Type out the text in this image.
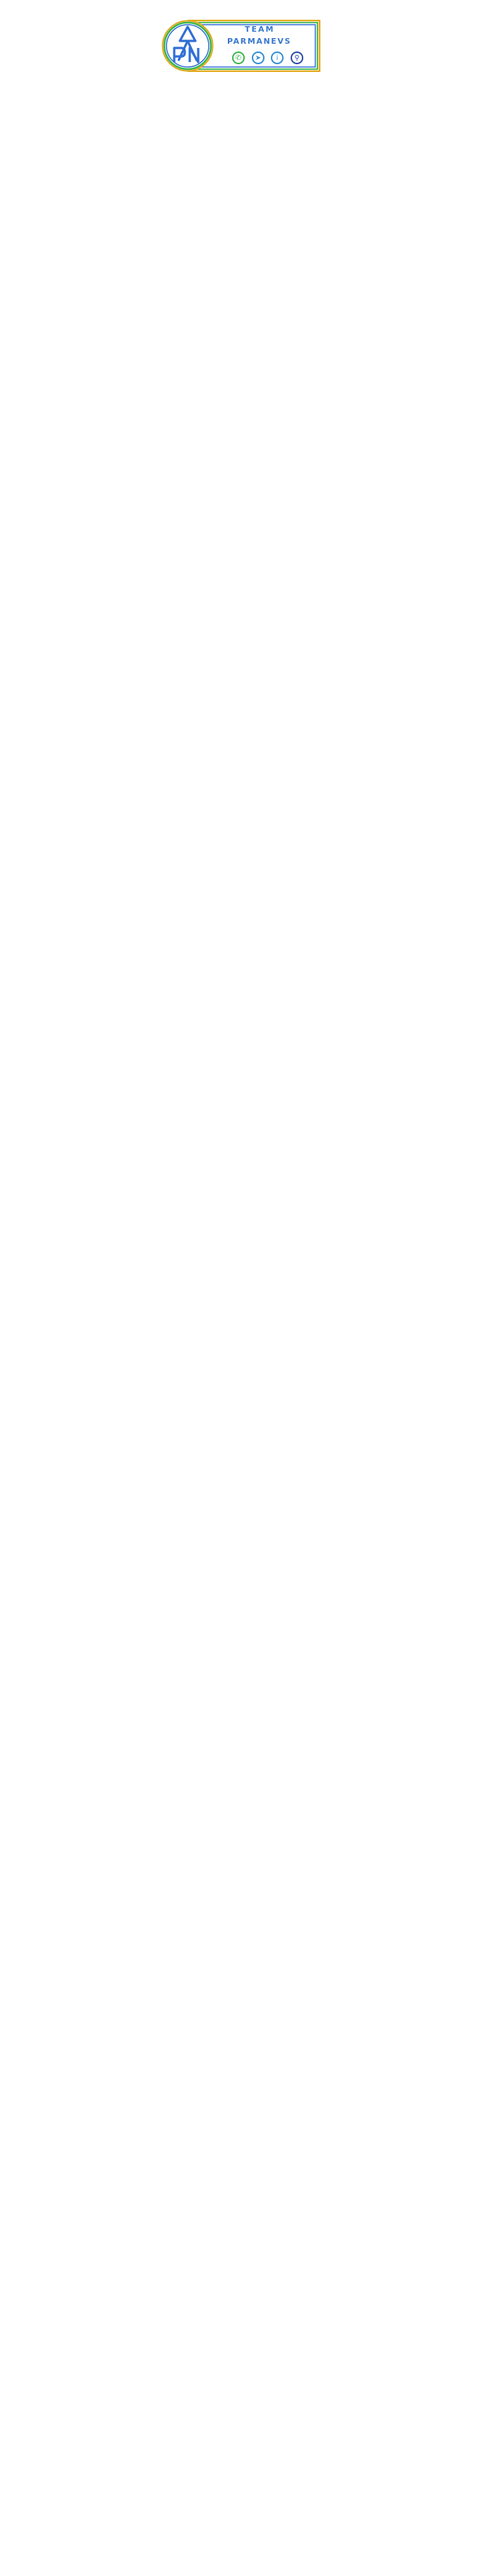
TEAM
PARMANEVS
✆	➤	i	⚲
